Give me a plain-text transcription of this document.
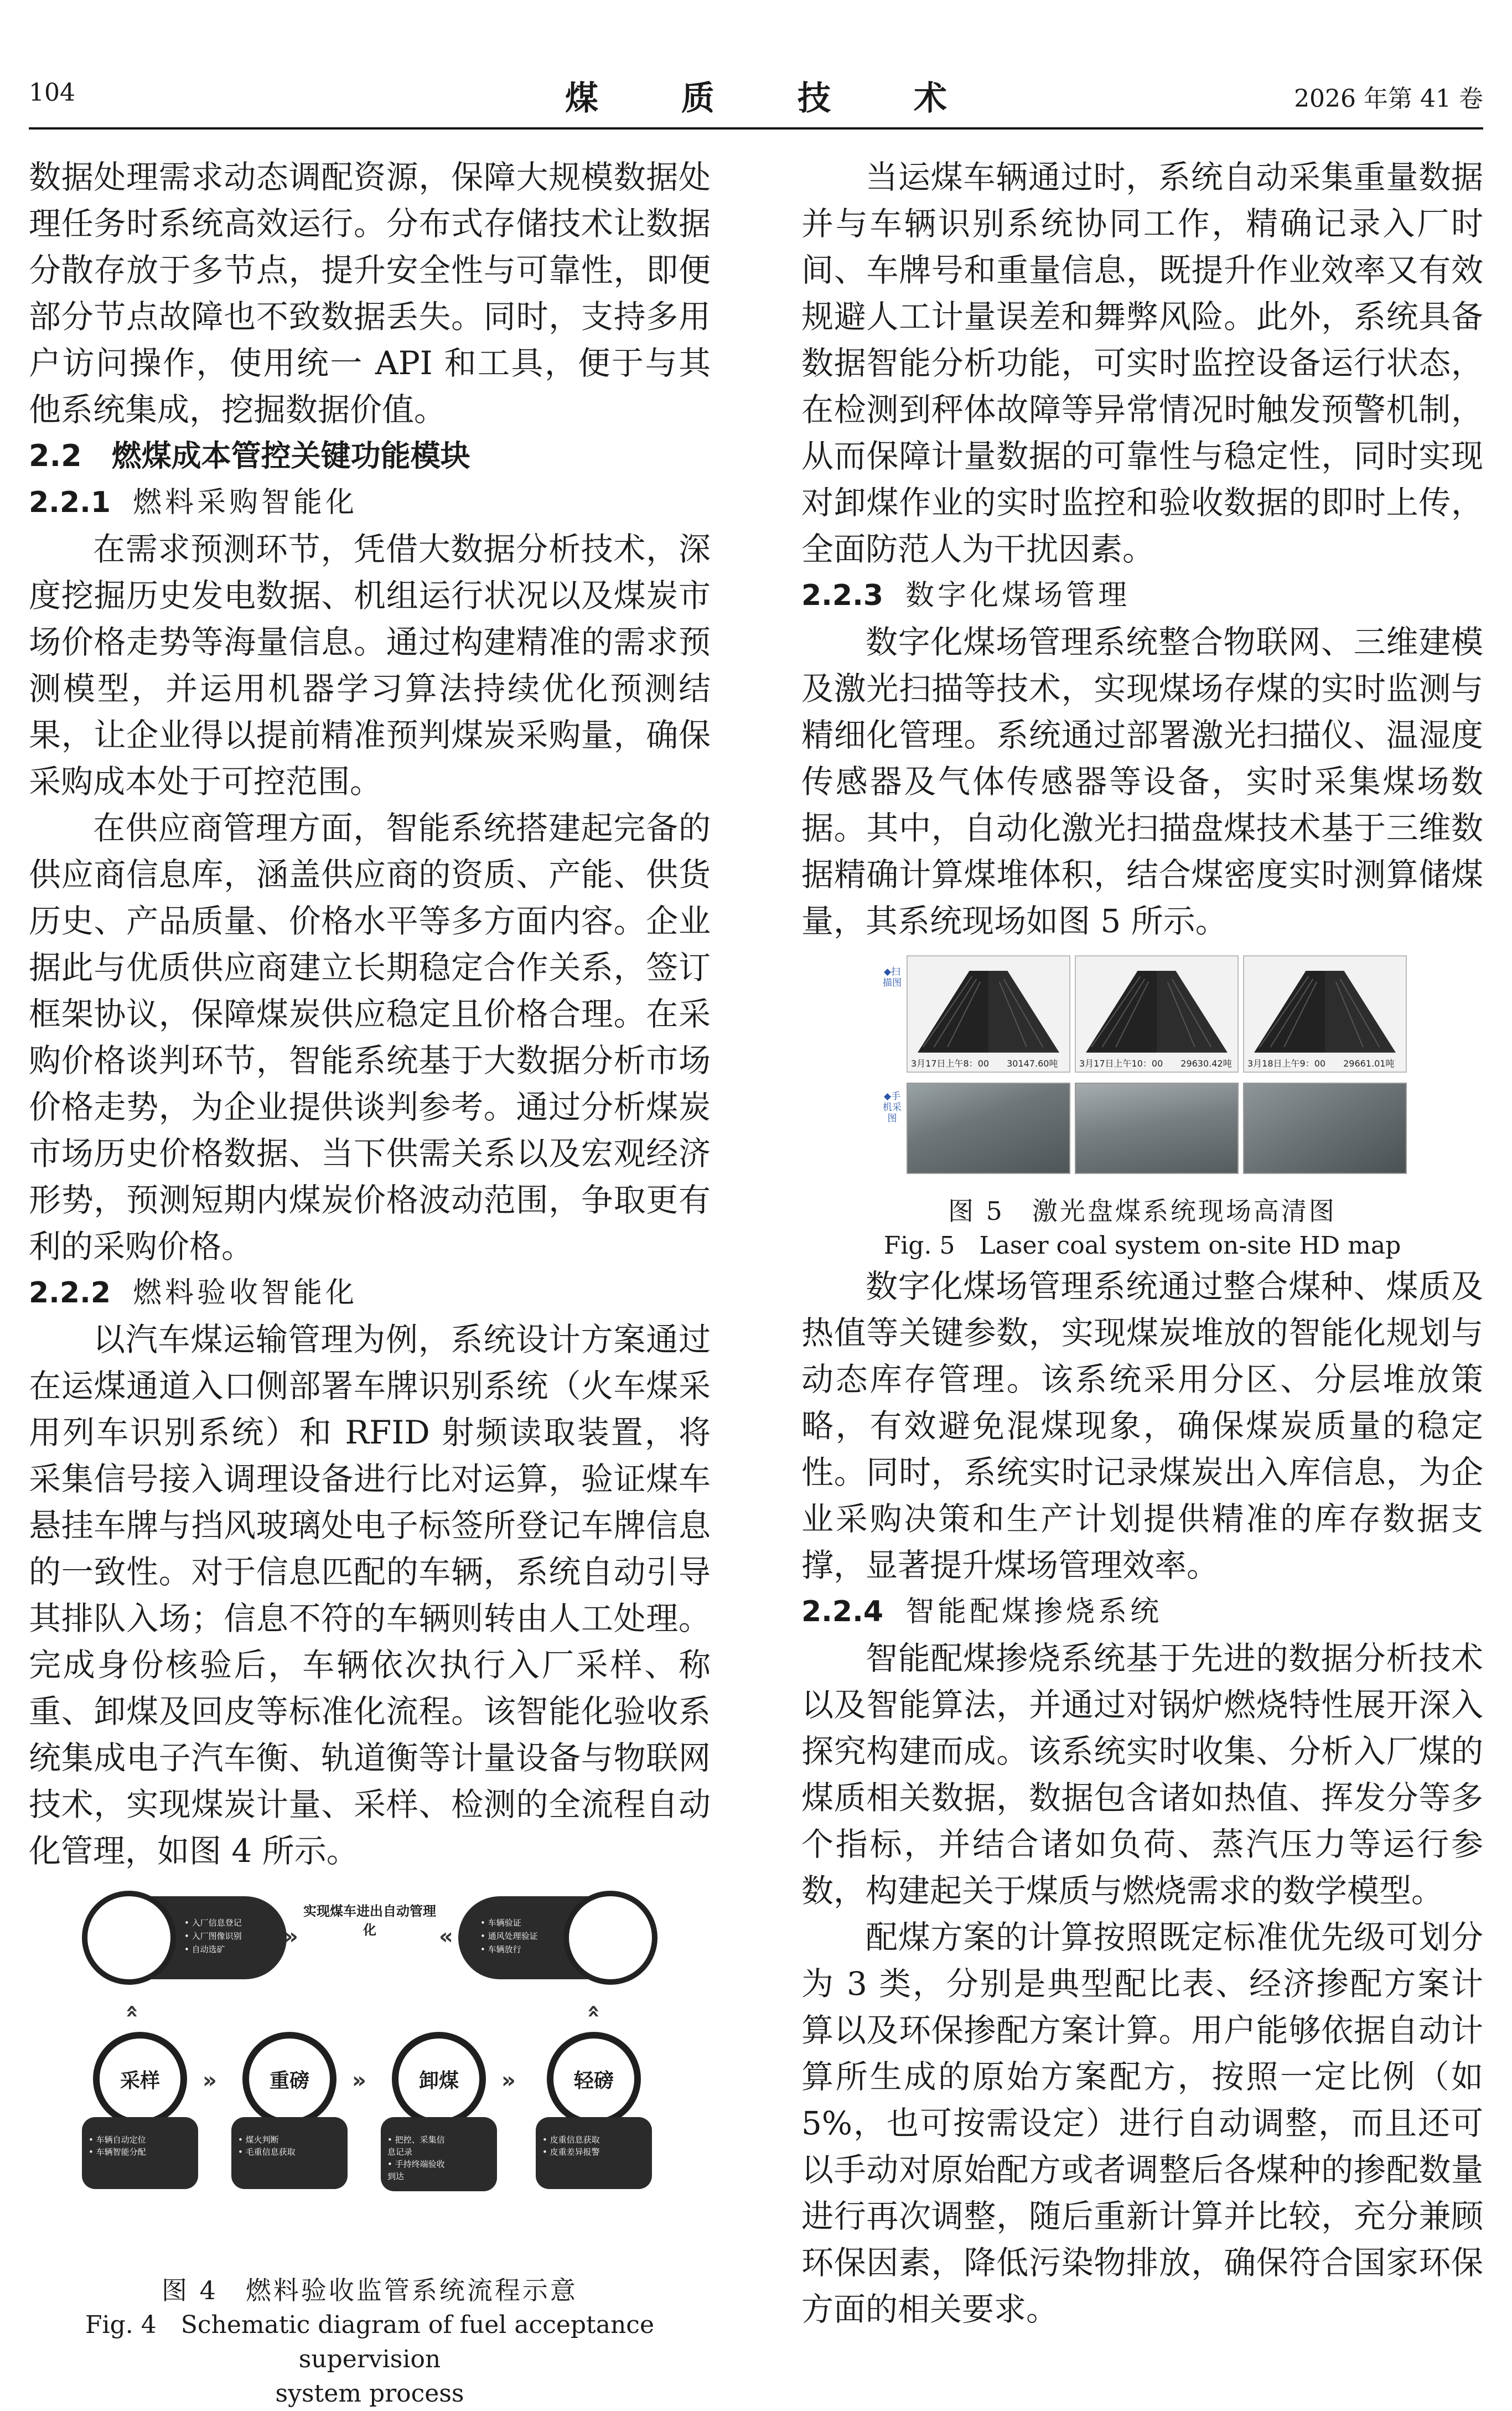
104	煤质技术	2026 年第 41 卷

数据处理需求动态调配资源，保障大规模数据处理任务时系统高效运行。分布式存储技术让数据分散存放于多节点，提升安全性与可靠性，即便部分节点故障也不致数据丢失。同时，支持多用户访问操作，使用统一 API 和工具，便于与其他系统集成，挖掘数据价值。

2.2　燃煤成本管控关键功能模块

2.2.1 燃料采购智能化

在需求预测环节，凭借大数据分析技术，深度挖掘历史发电数据、机组运行状况以及煤炭市场价格走势等海量信息。通过构建精准的需求预测模型，并运用机器学习算法持续优化预测结果，让企业得以提前精准预判煤炭采购量，确保采购成本处于可控范围。

在供应商管理方面，智能系统搭建起完备的供应商信息库，涵盖供应商的资质、产能、供货历史、产品质量、价格水平等多方面内容。企业据此与优质供应商建立长期稳定合作关系，签订框架协议，保障煤炭供应稳定且价格合理。在采购价格谈判环节，智能系统基于大数据分析市场价格走势，为企业提供谈判参考。通过分析煤炭市场历史价格数据、当下供需关系以及宏观经济形势，预测短期内煤炭价格波动范围，争取更有利的采购价格。

2.2.2 燃料验收智能化

以汽车煤运输管理为例，系统设计方案通过在运煤通道入口侧部署车牌识别系统（火车煤采用列车识别系统）和 RFID 射频读取装置，将采集信号接入调理设备进行比对运算，验证煤车悬挂车牌与挡风玻璃处电子标签所登记车牌信息的一致性。对于信息匹配的车辆，系统自动引导其排队入场；信息不符的车辆则转由人工处理。完成身份核验后，车辆依次执行入厂采样、称重、卸煤及回皮等标准化流程。该智能化验收系统集成电子汽车衡、轨道衡等计量设备与物联网技术，实现煤炭计量、采样、检测的全流程自动化管理，如图 4 所示。

入厂
• 入厂信息登记
• 入厂图像识别
• 自动选矿	»
实现煤车进出自动管理化	«
• 车辆验证
• 通风处理验证
• 车辆放行	出厂
»	»
采样
• 车辆自动定位
• 车辆智能分配
»	重磅
• 煤火判断
• 毛重信息获取
»	卸煤
• 把控、采集信
息记录
• 手持终端验收
到达
»	轻磅
• 皮重信息获取
• 皮重差异报警

图 4　燃料验收监管系统流程示意

Fig. 4　Schematic diagram of fuel acceptance supervision

system process

当运煤车辆通过时，系统自动采集重量数据并与车辆识别系统协同工作，精确记录入厂时间、车牌号和重量信息，既提升作业效率又有效规避人工计量误差和舞弊风险。此外，系统具备数据智能分析功能，可实时监控设备运行状态，在检测到秤体故障等异常情况时触发预警机制，从而保障计量数据的可靠性与稳定性，同时实现对卸煤作业的实时监控和验收数据的即时上传，全面防范人为干扰因素。

2.2.3 数字化煤场管理

数字化煤场管理系统整合物联网、三维建模及激光扫描等技术，实现煤场存煤的实时监测与精细化管理。系统通过部署激光扫描仪、温湿度传感器及气体传感器等设备，实时采集煤场数据。其中，自动化激光扫描盘煤技术基于三维数据精确计算煤堆体积，结合煤密度实时测算储煤量，其系统现场如图 5 所示。

◆扫描图
◆手机采图
3月17日上午8：00　　30147.60吨	3月17日上午10：00　　29630.42吨 3月18日上午9：00　　29661.01吨

图 5　激光盘煤系统现场高清图

Fig. 5　Laser coal system on-site HD map

数字化煤场管理系统通过整合煤种、煤质及热值等关键参数，实现煤炭堆放的智能化规划与动态库存管理。该系统采用分区、分层堆放策略，有效避免混煤现象，确保煤炭质量的稳定性。同时，系统实时记录煤炭出入库信息，为企业采购决策和生产计划提供精准的库存数据支撑，显著提升煤场管理效率。

2.2.4 智能配煤掺烧系统

智能配煤掺烧系统基于先进的数据分析技术以及智能算法，并通过对锅炉燃烧特性展开深入探究构建而成。该系统实时收集、分析入厂煤的煤质相关数据，数据包含诸如热值、挥发分等多个指标，并结合诸如负荷、蒸汽压力等运行参数，构建起关于煤质与燃烧需求的数学模型。

配煤方案的计算按照既定标准优先级可划分为 3 类，分别是典型配比表、经济掺配方案计算以及环保掺配方案计算。用户能够依据自动计算所生成的原始方案配方，按照一定比例（如 5%，也可按需设定）进行自动调整，而且还可以手动对原始配方或者调整后各煤种的掺配数量进行再次调整，随后重新计算并比较，充分兼顾环保因素，降低污染物排放，确保符合国家环保方面的相关要求。
